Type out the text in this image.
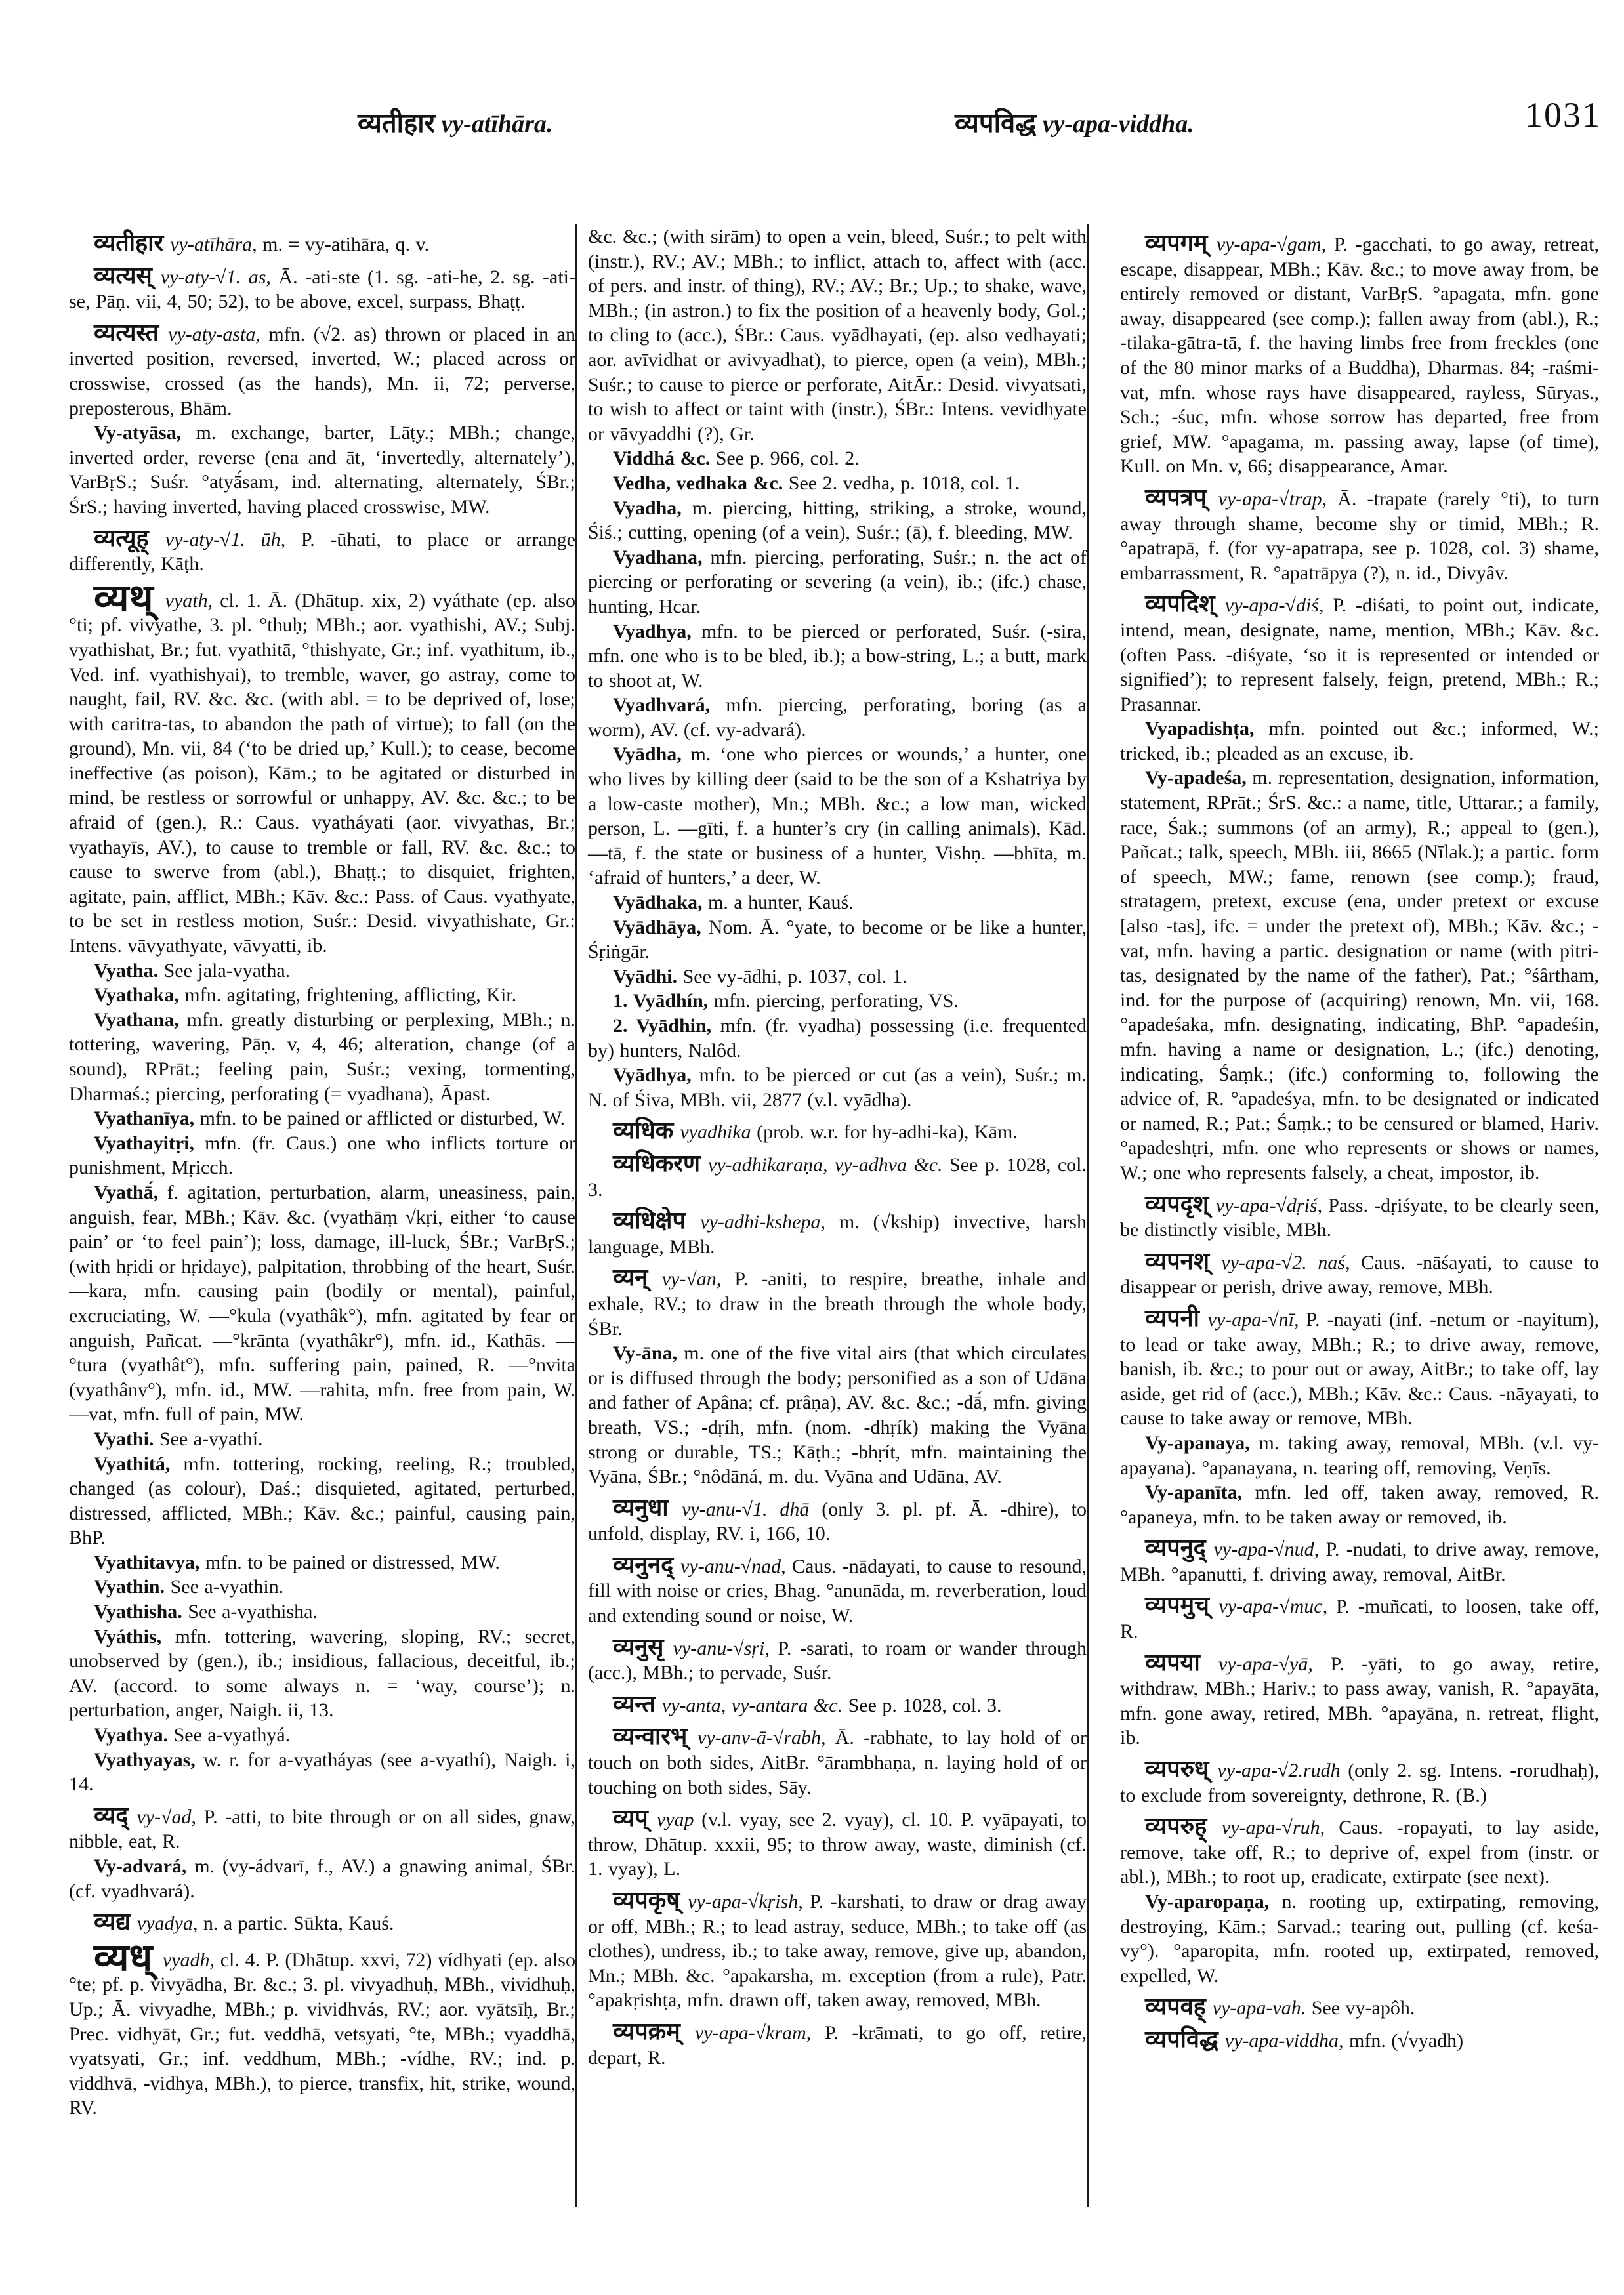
व्यतीहार vy-atīhāra.	व्यपविद्ध vy-apa-viddha.	1031

व्यतीहार vy-atīhāra, m. = vy-atihāra, q. v.

व्यत्यस् vy-aty-√1. as, Ā. -ati-ste (1. sg. -ati-he, 2. sg. -ati-se, Pāṇ. vii, 4, 50; 52), to be above, excel, surpass, Bhaṭṭ.

व्यत्यस्त vy-aty-asta, mfn. (√2. as) thrown or placed in an inverted position, reversed, inverted, W.; placed across or crosswise, crossed (as the hands), Mn. ii, 72; perverse, preposterous, Bhām.

Vy-atyāsa, m. exchange, barter, Lāṭy.; MBh.; change, inverted order, reverse (ena and āt, ‘invertedly, alternately’), VarBṛS.; Suśr. °atyā́sam, ind. alternating, alternately, ŚBr.; ŚrS.; having inverted, having placed crosswise, MW.

व्यत्यूह् vy-aty-√1. ūh, P. -ūhati, to place or arrange differently, Kāṭh.

व्यथ् vyath, cl. 1. Ā. (Dhātup. xix, 2) vyáthate (ep. also °ti; pf. vivyathe, 3. pl. °thuḥ; MBh.; aor. vyathishi, AV.; Subj. vyathishat, Br.; fut. vyathitā, °thishyate, Gr.; inf. vyathitum, ib., Ved. inf. vyathishyai), to tremble, waver, go astray, come to naught, fail, RV. &c. &c. (with abl. = to be deprived of, lose; with caritra-tas, to abandon the path of virtue); to fall (on the ground), Mn. vii, 84 (‘to be dried up,’ Kull.); to cease, become ineffective (as poison), Kām.; to be agitated or disturbed in mind, be restless or sorrowful or unhappy, AV. &c. &c.; to be afraid of (gen.), R.: Caus. vyatháyati (aor. vivyathas, Br.; vyathayīs, AV.), to cause to tremble or fall, RV. &c. &c.; to cause to swerve from (abl.), Bhaṭṭ.; to disquiet, frighten, agitate, pain, afflict, MBh.; Kāv. &c.: Pass. of Caus. vyathyate, to be set in restless motion, Suśr.: Desid. vivyathishate, Gr.: Intens. vāvyathyate, vāvyatti, ib.

Vyatha. See jala-vyatha.

Vyathaka, mfn. agitating, frightening, afflicting, Kir.

Vyathana, mfn. greatly disturbing or perplexing, MBh.; n. tottering, wavering, Pāṇ. v, 4, 46; alteration, change (of a sound), RPrāt.; feeling pain, Suśr.; vexing, tormenting, Dharmaś.; piercing, perforating (= vyadhana), Āpast.

Vyathanīya, mfn. to be pained or afflicted or disturbed, W.

Vyathayitṛi, mfn. (fr. Caus.) one who inflicts torture or punishment, Mṛicch.

Vyathā́, f. agitation, perturbation, alarm, uneasiness, pain, anguish, fear, MBh.; Kāv. &c. (vyathāṃ √kṛi, either ‘to cause pain’ or ‘to feel pain’); loss, damage, ill-luck, ŚBr.; VarBṛS.; (with hṛidi or hṛidaye), palpitation, throbbing of the heart, Suśr. —kara, mfn. causing pain (bodily or mental), painful, excruciating, W. —°kula (vyathâk°), mfn. agitated by fear or anguish, Pañcat. —°krānta (vyathâkr°), mfn. id., Kathās. —°tura (vyathât°), mfn. suffering pain, pained, R. —°nvita (vyathânv°), mfn. id., MW. —rahita, mfn. free from pain, W. —vat, mfn. full of pain, MW.

Vyathi. See a-vyathí.

Vyathitá, mfn. tottering, rocking, reeling, R.; troubled, changed (as colour), Daś.; disquieted, agitated, perturbed, distressed, afflicted, MBh.; Kāv. &c.; painful, causing pain, BhP.

Vyathitavya, mfn. to be pained or distressed, MW.

Vyathin. See a-vyathin.

Vyathisha. See a-vyathisha.

Vyáthis, mfn. tottering, wavering, sloping, RV.; secret, unobserved by (gen.), ib.; insidious, fallacious, deceitful, ib.; AV. (accord. to some always n. = ‘way, course’); n. perturbation, anger, Naigh. ii, 13.

Vyathya. See a-vyathyá.

Vyathyayas, w. r. for a-vyatháyas (see a-vyathí), Naigh. i, 14.

व्यद् vy-√ad, P. -atti, to bite through or on all sides, gnaw, nibble, eat, R.

Vy-advará, m. (vy-ádvarī, f., AV.) a gnawing animal, ŚBr. (cf. vyadhvará).

व्यद्य vyadya, n. a partic. Sūkta, Kauś.

व्यध् vyadh, cl. 4. P. (Dhātup. xxvi, 72) vídhyati (ep. also °te; pf. p. vivyādha, Br. &c.; 3. pl. vivyadhuḥ, MBh., vividhuḥ, Up.; Ā. vivyadhe, MBh.; p. vividhvás, RV.; aor. vyātsīḥ, Br.; Prec. vidhyāt, Gr.; fut. veddhā, vetsyati, °te, MBh.; vyaddhā, vyatsyati, Gr.; inf. veddhum, MBh.; -vídhe, RV.; ind. p. viddhvā, -vidhya, MBh.), to pierce, transfix, hit, strike, wound, RV.

&c. &c.; (with sirām) to open a vein, bleed, Suśr.; to pelt with (instr.), RV.; AV.; MBh.; to inflict, attach to, affect with (acc. of pers. and instr. of thing), RV.; AV.; Br.; Up.; to shake, wave, MBh.; (in astron.) to fix the position of a heavenly body, Gol.; to cling to (acc.), ŚBr.: Caus. vyādhayati, (ep. also vedhayati; aor. avīvidhat or avivyadhat), to pierce, open (a vein), MBh.; Suśr.; to cause to pierce or perforate, AitĀr.: Desid. vivyatsati, to wish to affect or taint with (instr.), ŚBr.: Intens. vevidhyate or vāvyaddhi (?), Gr.

Viddhá &c. See p. 966, col. 2.

Vedha, vedhaka &c. See 2. vedha, p. 1018, col. 1.

Vyadha, m. piercing, hitting, striking, a stroke, wound, Śiś.; cutting, opening (of a vein), Suśr.; (ā), f. bleeding, MW.

Vyadhana, mfn. piercing, perforating, Suśr.; n. the act of piercing or perforating or severing (a vein), ib.; (ifc.) chase, hunting, Hcar.

Vyadhya, mfn. to be pierced or perforated, Suśr. (-sira, mfn. one who is to be bled, ib.); a bow-string, L.; a butt, mark to shoot at, W.

Vyadhvará, mfn. piercing, perforating, boring (as a worm), AV. (cf. vy-advará).

Vyādha, m. ‘one who pierces or wounds,’ a hunter, one who lives by killing deer (said to be the son of a Kshatriya by a low-caste mother), Mn.; MBh. &c.; a low man, wicked person, L. —gīti, f. a hunter’s cry (in calling animals), Kād. —tā, f. the state or business of a hunter, Vishṇ. —bhīta, m. ‘afraid of hunters,’ a deer, W.

Vyādhaka, m. a hunter, Kauś.

Vyādhāya, Nom. Ā. °yate, to become or be like a hunter, Śṛiṅgār.

Vyādhi. See vy-ādhi, p. 1037, col. 1.

1. Vyādhín, mfn. piercing, perforating, VS.

2. Vyādhin, mfn. (fr. vyadha) possessing (i.e. frequented by) hunters, Nalôd.

Vyādhya, mfn. to be pierced or cut (as a vein), Suśr.; m. N. of Śiva, MBh. vii, 2877 (v.l. vyādha).

व्यधिक vyadhika (prob. w.r. for hy-adhi-ka), Kām.

व्यधिकरण vy-adhikaraṇa, vy-adhva &c. See p. 1028, col. 3.

व्यधिक्षेप vy-adhi-kshepa, m. (√kship) invective, harsh language, MBh.

व्यन् vy-√an, P. -aniti, to respire, breathe, inhale and exhale, RV.; to draw in the breath through the whole body, ŚBr.

Vy-āna, m. one of the five vital airs (that which circulates or is diffused through the body; personified as a son of Udāna and father of Apâna; cf. prâṇa), AV. &c. &c.; -dā́, mfn. giving breath, VS.; -dṛíh, mfn. (nom. -dhṛík) making the Vyāna strong or durable, TS.; Kāṭh.; -bhṛít, mfn. maintaining the Vyāna, ŚBr.; °nôdāná, m. du. Vyāna and Udāna, AV.

व्यनुधा vy-anu-√1. dhā (only 3. pl. pf. Ā. -dhire), to unfold, display, RV. i, 166, 10.

व्यनुनद् vy-anu-√nad, Caus. -nādayati, to cause to resound, fill with noise or cries, Bhag. °anunāda, m. reverberation, loud and extending sound or noise, W.

व्यनुसृ vy-anu-√sṛi, P. -sarati, to roam or wander through (acc.), MBh.; to pervade, Suśr.

व्यन्त vy-anta, vy-antara &c. See p. 1028, col. 3.

व्यन्वारभ् vy-anv-ā-√rabh, Ā. -rabhate, to lay hold of or touch on both sides, AitBr. °ārambhaṇa, n. laying hold of or touching on both sides, Sāy.

व्यप् vyap (v.l. vyay, see 2. vyay), cl. 10. P. vyāpayati, to throw, Dhātup. xxxii, 95; to throw away, waste, diminish (cf. 1. vyay), L.

व्यपकृष् vy-apa-√kṛish, P. -karshati, to draw or drag away or off, MBh.; R.; to lead astray, seduce, MBh.; to take off (as clothes), undress, ib.; to take away, remove, give up, abandon, Mn.; MBh. &c. °apakarsha, m. exception (from a rule), Patr. °apakṛishṭa, mfn. drawn off, taken away, removed, MBh.

व्यपक्रम् vy-apa-√kram, P. -krāmati, to go off, retire, depart, R.

व्यपगम् vy-apa-√gam, P. -gacchati, to go away, retreat, escape, disappear, MBh.; Kāv. &c.; to move away from, be entirely removed or distant, VarBṛS. °apagata, mfn. gone away, disappeared (see comp.); fallen away from (abl.), R.; -tilaka-gātra-tā, f. the having limbs free from freckles (one of the 80 minor marks of a Buddha), Dharmas. 84; -raśmi-vat, mfn. whose rays have disappeared, rayless, Sūryas., Sch.; -śuc, mfn. whose sorrow has departed, free from grief, MW. °apagama, m. passing away, lapse (of time), Kull. on Mn. v, 66; disappearance, Amar.

व्यपत्रप् vy-apa-√trap, Ā. -trapate (rarely °ti), to turn away through shame, become shy or timid, MBh.; R. °apatrapā, f. (for vy-apatrapa, see p. 1028, col. 3) shame, embarrassment, R. °apatrāpya (?), n. id., Divyâv.

व्यपदिश् vy-apa-√diś, P. -diśati, to point out, indicate, intend, mean, designate, name, mention, MBh.; Kāv. &c. (often Pass. -diśyate, ‘so it is represented or intended or signified’); to represent falsely, feign, pretend, MBh.; R.; Prasannar.

Vyapadishṭa, mfn. pointed out &c.; informed, W.; tricked, ib.; pleaded as an excuse, ib.

Vy-apadeśa, m. representation, designation, information, statement, RPrāt.; ŚrS. &c.: a name, title, Uttarar.; a family, race, Śak.; summons (of an army), R.; appeal to (gen.), Pañcat.; talk, speech, MBh. iii, 8665 (Nīlak.); a partic. form of speech, MW.; fame, renown (see comp.); fraud, stratagem, pretext, excuse (ena, under pretext or excuse [also -tas], ifc. = under the pretext of), MBh.; Kāv. &c.; -vat, mfn. having a partic. designation or name (with pitri-tas, designated by the name of the father), Pat.; °śârtham, ind. for the purpose of (acquiring) renown, Mn. vii, 168. °apadeśaka, mfn. designating, indicating, BhP. °apadeśin, mfn. having a name or designation, L.; (ifc.) denoting, indicating, Śaṃk.; (ifc.) conforming to, following the advice of, R. °apadeśya, mfn. to be designated or indicated or named, R.; Pat.; Śaṃk.; to be censured or blamed, Hariv. °apadeshṭri, mfn. one who represents or shows or names, W.; one who represents falsely, a cheat, impostor, ib.

व्यपदृश् vy-apa-√dṛiś, Pass. -dṛiśyate, to be clearly seen, be distinctly visible, MBh.

व्यपनश् vy-apa-√2. naś, Caus. -nāśayati, to cause to disappear or perish, drive away, remove, MBh.

व्यपनी vy-apa-√nī, P. -nayati (inf. -netum or -nayitum), to lead or take away, MBh.; R.; to drive away, remove, banish, ib. &c.; to pour out or away, AitBr.; to take off, lay aside, get rid of (acc.), MBh.; Kāv. &c.: Caus. -nāyayati, to cause to take away or remove, MBh.

Vy-apanaya, m. taking away, removal, MBh. (v.l. vy-apayana). °apanayana, n. tearing off, removing, Veṇīs.

Vy-apanīta, mfn. led off, taken away, removed, R. °apaneya, mfn. to be taken away or removed, ib.

व्यपनुद् vy-apa-√nud, P. -nudati, to drive away, remove, MBh. °apanutti, f. driving away, removal, AitBr.

व्यपमुच् vy-apa-√muc, P. -muñcati, to loosen, take off, R.

व्यपया vy-apa-√yā, P. -yāti, to go away, retire, withdraw, MBh.; Hariv.; to pass away, vanish, R. °apayāta, mfn. gone away, retired, MBh. °apayāna, n. retreat, flight, ib.

व्यपरुध् vy-apa-√2.rudh (only 2. sg. Intens. -rorudhaḥ), to exclude from sovereignty, dethrone, R. (B.)

व्यपरुह् vy-apa-√ruh, Caus. -ropayati, to lay aside, remove, take off, R.; to deprive of, expel from (instr. or abl.), MBh.; to root up, eradicate, extirpate (see next).

Vy-aparopaṇa, n. rooting up, extirpating, removing, destroying, Kām.; Sarvad.; tearing out, pulling (cf. keśa-vy°). °aparopita, mfn. rooted up, extirpated, removed, expelled, W.

व्यपवह् vy-apa-vah. See vy-apôh.

व्यपविद्ध vy-apa-viddha, mfn. (√vyadh)
